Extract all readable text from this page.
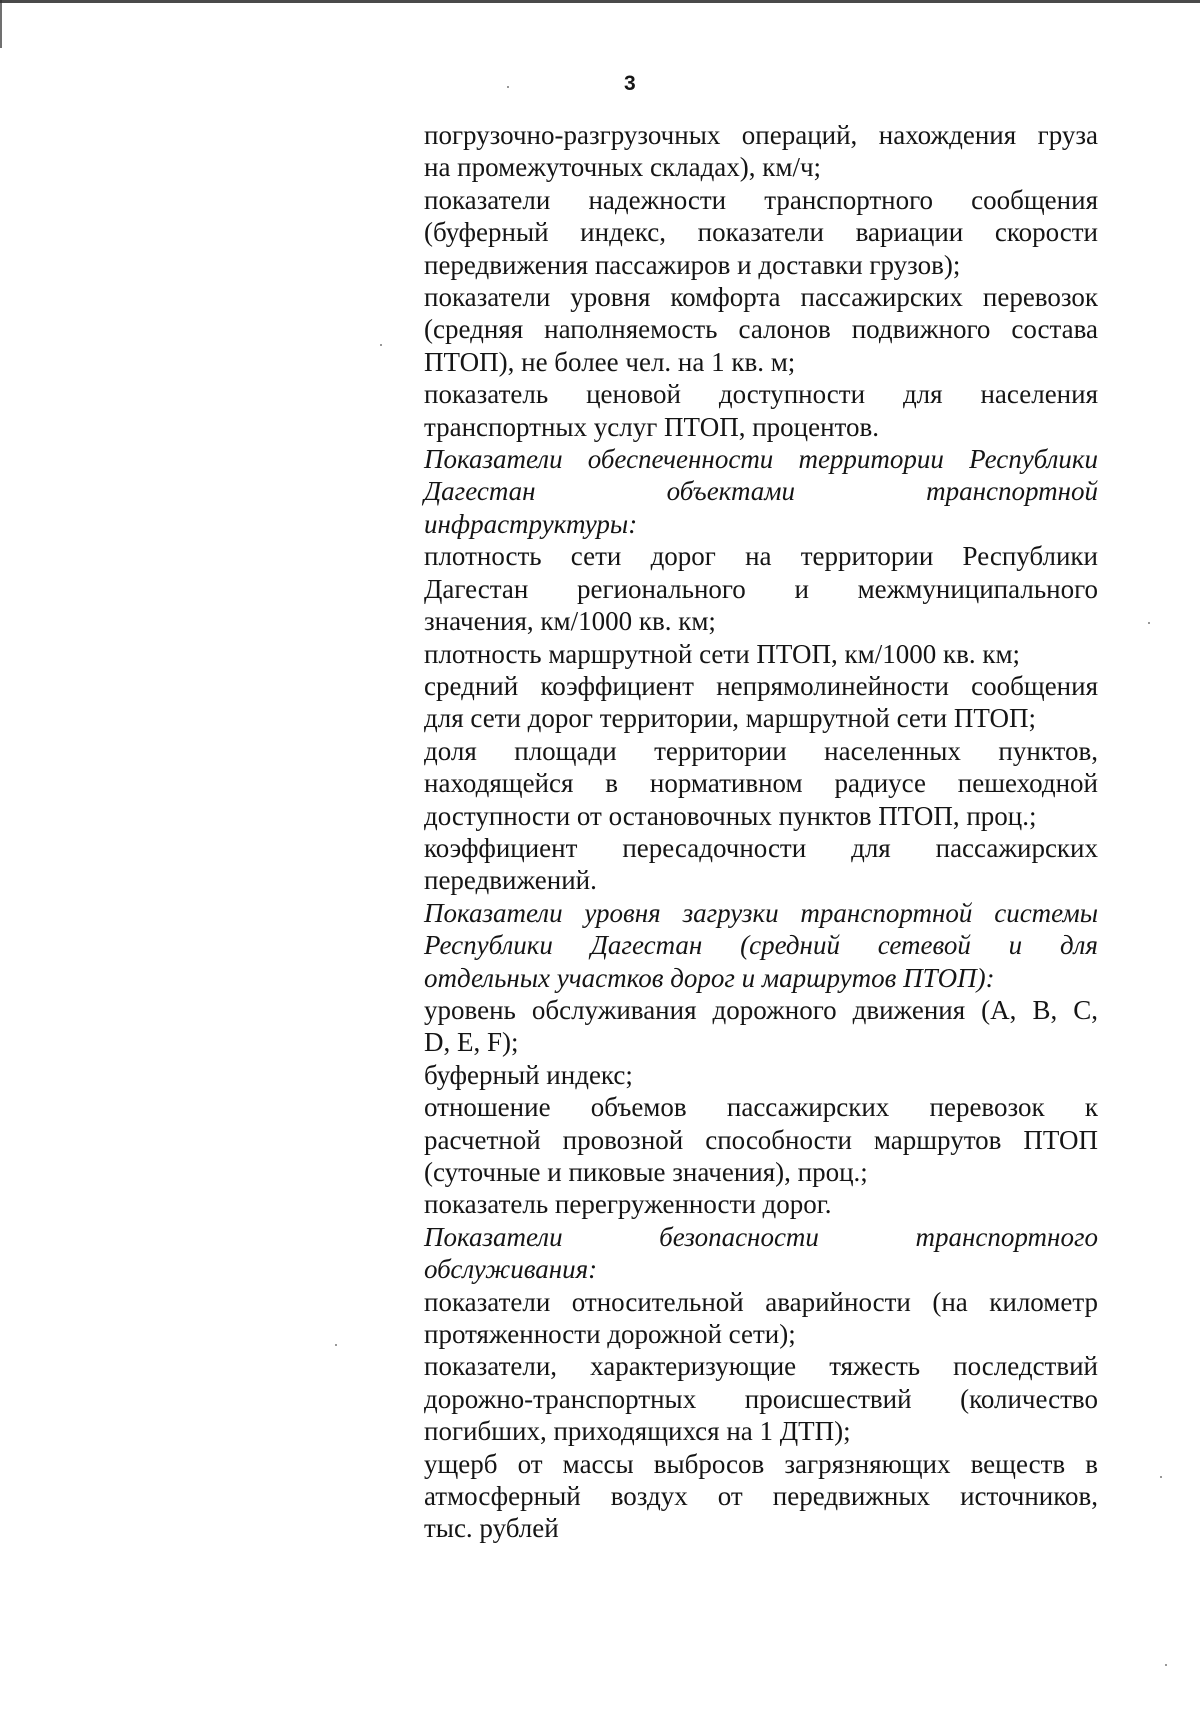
3
погрузочно-разгрузочных операций, нахождения груза
на промежуточных складах), км/ч;
показатели надежности транспортного сообщения
(буферный индекс, показатели вариации скорости
передвижения пассажиров и доставки грузов);
показатели уровня комфорта пассажирских перевозок
(средняя наполняемость салонов подвижного состава
ПТОП), не более чел. на 1 кв. м;
показатель ценовой доступности для населения
транспортных услуг ПТОП, процентов.
Показатели обеспеченности территории Республики
Дагестан объектами транспортной
инфраструктуры:
плотность сети дорог на территории Республики
Дагестан регионального и межмуниципального
значения, км/1000 кв. км;
плотность маршрутной сети ПТОП, км/1000 кв. км;
средний коэффициент непрямолинейности сообщения
для сети дорог территории, маршрутной сети ПТОП;
доля площади территории населенных пунктов,
находящейся в нормативном радиусе пешеходной
доступности от остановочных пунктов ПТОП, проц.;
коэффициент пересадочности для пассажирских
передвижений.
Показатели уровня загрузки транспортной системы
Республики Дагестан (средний сетевой и для
отдельных участков дорог и маршрутов ПТОП):
уровень обслуживания дорожного движения (A, B, C,
D, E, F);
буферный индекс;
отношение объемов пассажирских перевозок к
расчетной провозной способности маршрутов ПТОП
(суточные и пиковые значения), проц.;
показатель перегруженности дорог.
Показатели безопасности транспортного
обслуживания:
показатели относительной аварийности (на километр
протяженности дорожной сети);
показатели, характеризующие тяжесть последствий
дорожно-транспортных происшествий (количество
погибших, приходящихся на 1 ДТП);
ущерб от массы выбросов загрязняющих веществ в
атмосферный воздух от передвижных источников,
тыс. рублей
